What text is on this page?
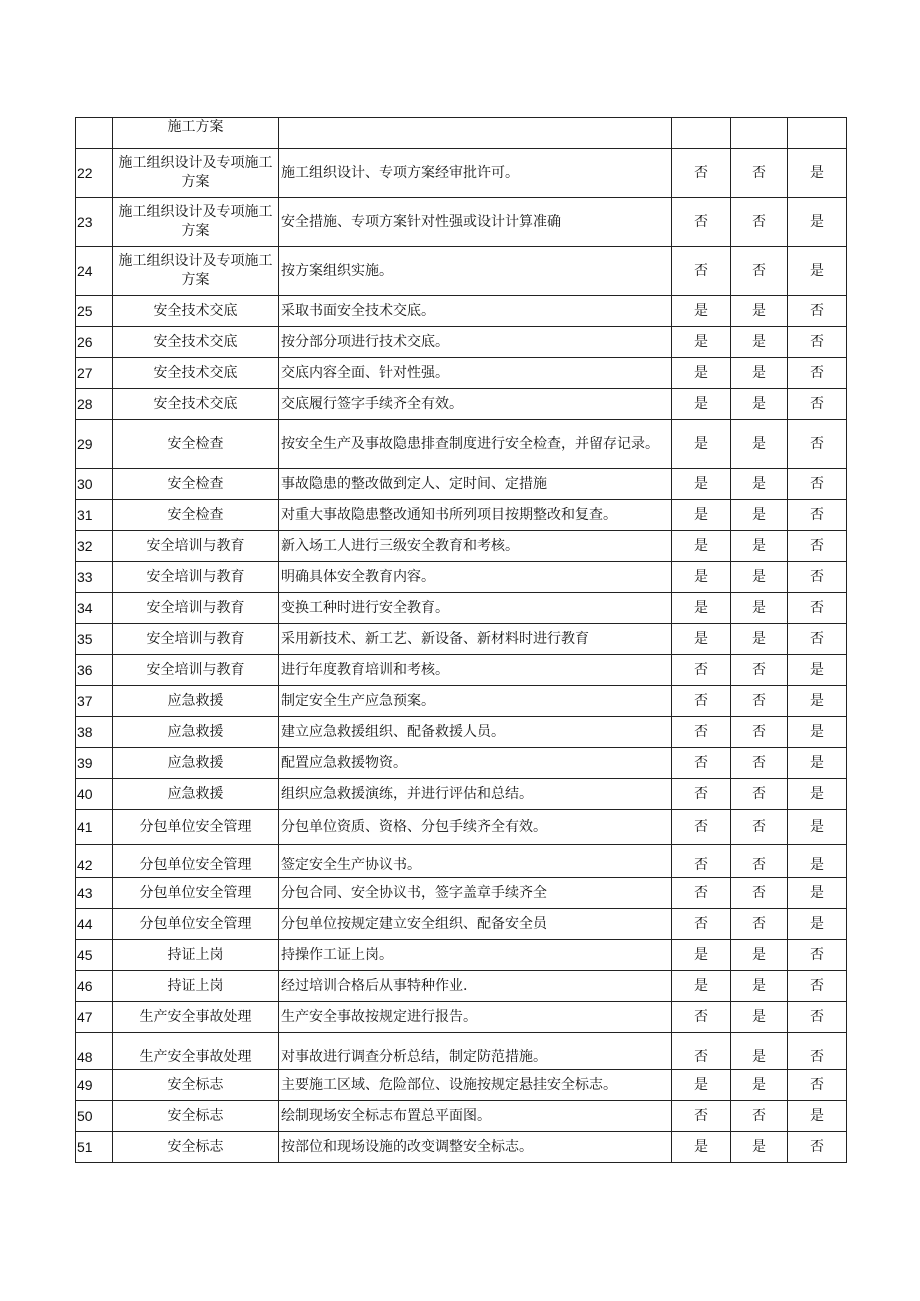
	施工方案				
22	施工组织设计及专项施工方案	施工组织设计、专项方案经审批许可。	否	否	是
23	施工组织设计及专项施工方案	安全措施、专项方案针对性强或设计计算准确	否	否	是
24	施工组织设计及专项施工方案	按方案组织实施。	否	否	是
25	安全技术交底	采取书面安全技术交底。	是	是	否
26	安全技术交底	按分部分项进行技术交底。	是	是	否
27	安全技术交底	交底内容全面、针对性强。	是	是	否
28	安全技术交底	交底履行签字手续齐全有效。	是	是	否
29	安全检查	按安全生产及事故隐患排查制度进行安全检查，并留存记录。	是	是	否
30	安全检查	事故隐患的整改做到定人、定时间、定措施	是	是	否
31	安全检查	对重大事故隐患整改通知书所列项目按期整改和复查。	是	是	否
32	安全培训与教育	新入场工人进行三级安全教育和考核。	是	是	否
33	安全培训与教育	明确具体安全教育内容。	是	是	否
34	安全培训与教育	变换工种时进行安全教育。	是	是	否
35	安全培训与教育	采用新技术、新工艺、新设备、新材料时进行教育	是	是	否
36	安全培训与教育	进行年度教育培训和考核。	否	否	是
37	应急救援	制定安全生产应急预案。	否	否	是
38	应急救援	建立应急救援组织、配备救援人员。	否	否	是
39	应急救援	配置应急救援物资。	否	否	是
40	应急救援	组织应急救援演练，并进行评估和总结。	否	否	是
41	分包单位安全管理	分包单位资质、资格、分包手续齐全有效。	否	否	是
42	分包单位安全管理	签定安全生产协议书。	否	否	是
43	分包单位安全管理	分包合同、安全协议书，签字盖章手续齐全	否	否	是
44	分包单位安全管理	分包单位按规定建立安全组织、配备安全员	否	否	是
45	持证上岗	持操作工证上岗。	是	是	否
46	持证上岗	经过培训合格后从事特种作业.	是	是	否
47	生产安全事故处理	生产安全事故按规定进行报告。	否	是	否
48	生产安全事故处理	对事故进行调查分析总结，制定防范措施。	否	是	否
49	安全标志	主要施工区域、危险部位、设施按规定悬挂安全标志。	是	是	否
50	安全标志	绘制现场安全标志布置总平面图。	否	否	是
51	安全标志	按部位和现场设施的改变调整安全标志。	是	是	否
